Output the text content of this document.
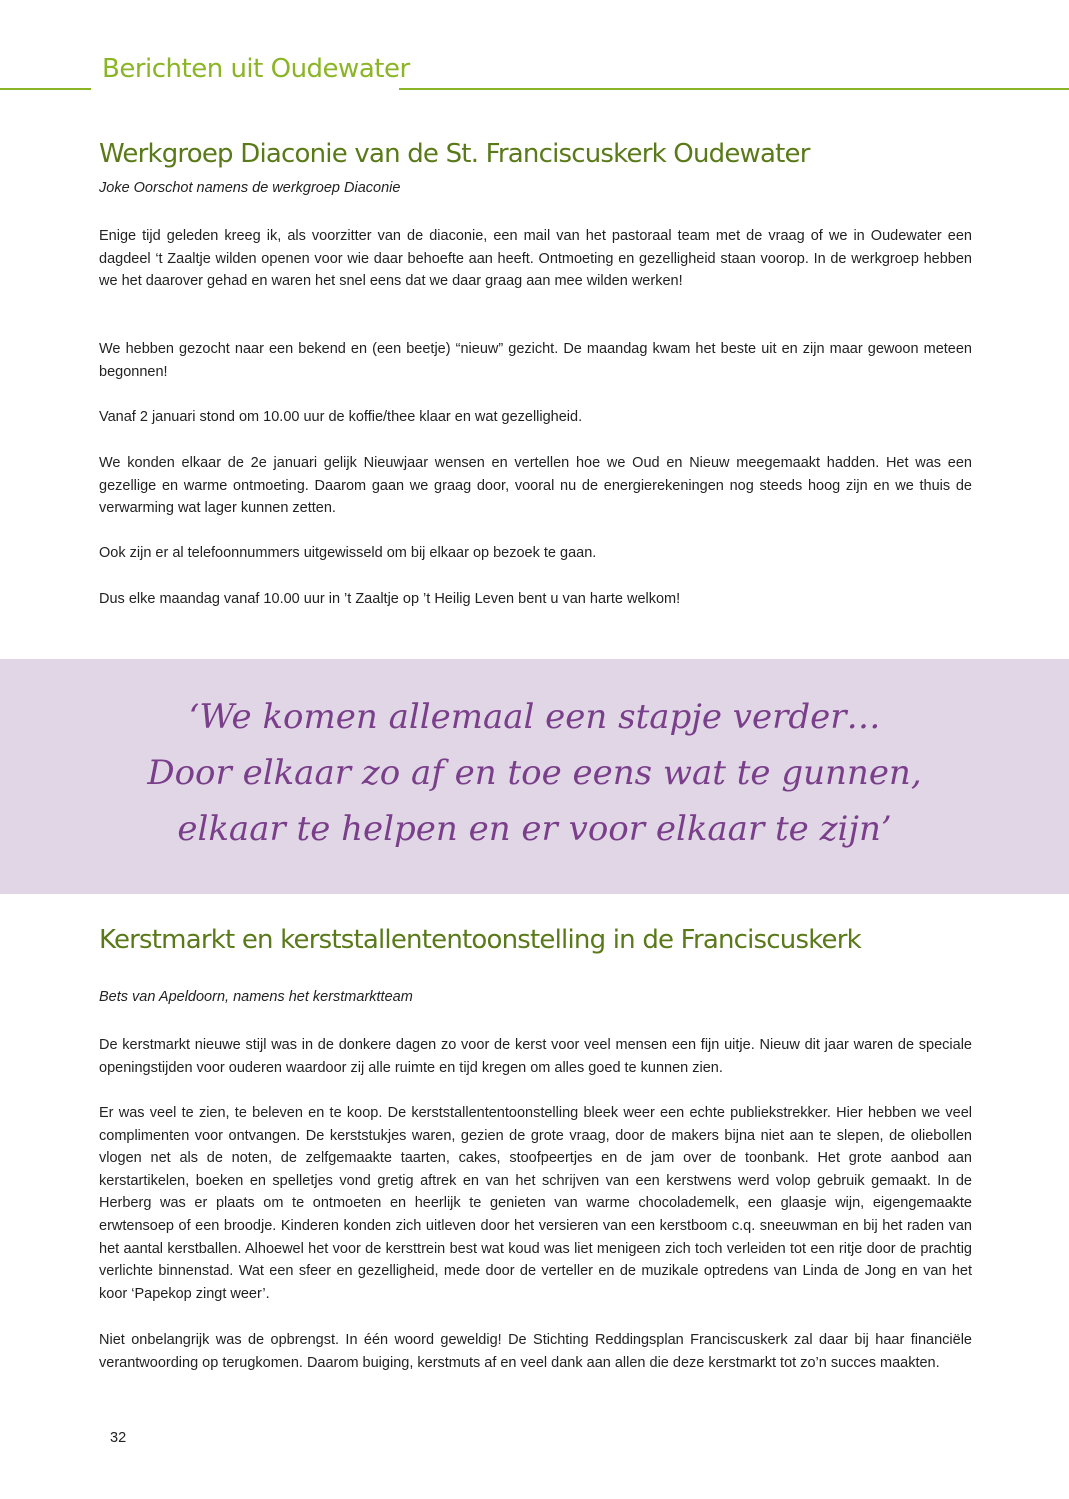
Berichten uit Oudewater
Werkgroep Diaconie van de St. Franciscuskerk Oudewater
Joke Oorschot namens de werkgroep Diaconie

Enige tijd geleden kreeg ik, als voorzitter van de diaconie, een mail van het pastoraal team met de vraag of we in Oudewater een dagdeel ‘t Zaaltje wilden openen voor wie daar behoefte aan heeft. Ontmoeting en gezelligheid staan voorop. In de werkgroep hebben we het daarover gehad en waren het snel eens dat we daar graag aan mee wilden werken!

We hebben gezocht naar een bekend en (een beetje) “nieuw” gezicht. De maandag kwam het beste uit en zijn maar gewoon meteen begonnen!

Vanaf 2 januari stond om 10.00 uur de koffie/thee klaar en wat gezelligheid.

We konden elkaar de 2e januari gelijk Nieuwjaar wensen en vertellen hoe we Oud en Nieuw meegemaakt hadden. Het was een gezellige en warme ontmoeting. Daarom gaan we graag door, vooral nu de energierekeningen nog steeds hoog zijn en we thuis de verwarming wat lager kunnen zetten.

Ook zijn er al telefoonnummers uitgewisseld om bij elkaar op bezoek te gaan.

Dus elke maandag vanaf 10.00 uur in ’t Zaaltje op ’t Heilig Leven bent u van harte welkom!

‘We komen allemaal een stapje verder…
Door elkaar zo af en toe eens wat te gunnen,
elkaar te helpen en er voor elkaar te zijn’
Kerstmarkt en kerststallententoonstelling in de Franciscuskerk
Bets van Apeldoorn, namens het kerstmarktteam

De kerstmarkt nieuwe stijl was in de donkere dagen zo voor de kerst voor veel mensen een fijn uitje. Nieuw dit jaar waren de speciale openingstijden voor ouderen waardoor zij alle ruimte en tijd kregen om alles goed te kunnen zien.

Er was veel te zien, te beleven en te koop. De kerststallententoonstelling bleek weer een echte publiekstrekker. Hier hebben we veel complimenten voor ontvangen. De kerststukjes waren, gezien de grote vraag, door de makers bijna niet aan te slepen, de oliebollen vlogen net als de noten, de zelfgemaakte taarten, cakes, stoofpeertjes en de jam over de toonbank. Het grote aanbod aan kerstartikelen, boeken en spelletjes vond gretig aftrek en van het schrijven van een kerstwens werd volop gebruik gemaakt. In de Herberg was er plaats om te ontmoeten en heerlijk te genieten van warme chocolademelk, een glaasje wijn, eigengemaakte erwtensoep of een broodje. Kinderen konden zich uitleven door het versieren van een kerstboom c.q. sneeuwman en bij het raden van het aantal kerstballen. Alhoewel het voor de kersttrein best wat koud was liet menigeen zich toch verleiden tot een ritje door de prachtig verlichte binnenstad. Wat een sfeer en gezelligheid, mede door de verteller en de muzikale optredens van Linda de Jong en van het koor ‘Papekop zingt weer’.

Niet onbelangrijk was de opbrengst. In één woord geweldig! De Stichting Reddingsplan Franciscuskerk zal daar bij haar financiële verantwoording op terugkomen. Daarom buiging, kerstmuts af en veel dank aan allen die deze kerstmarkt tot zo’n succes maakten.

32
